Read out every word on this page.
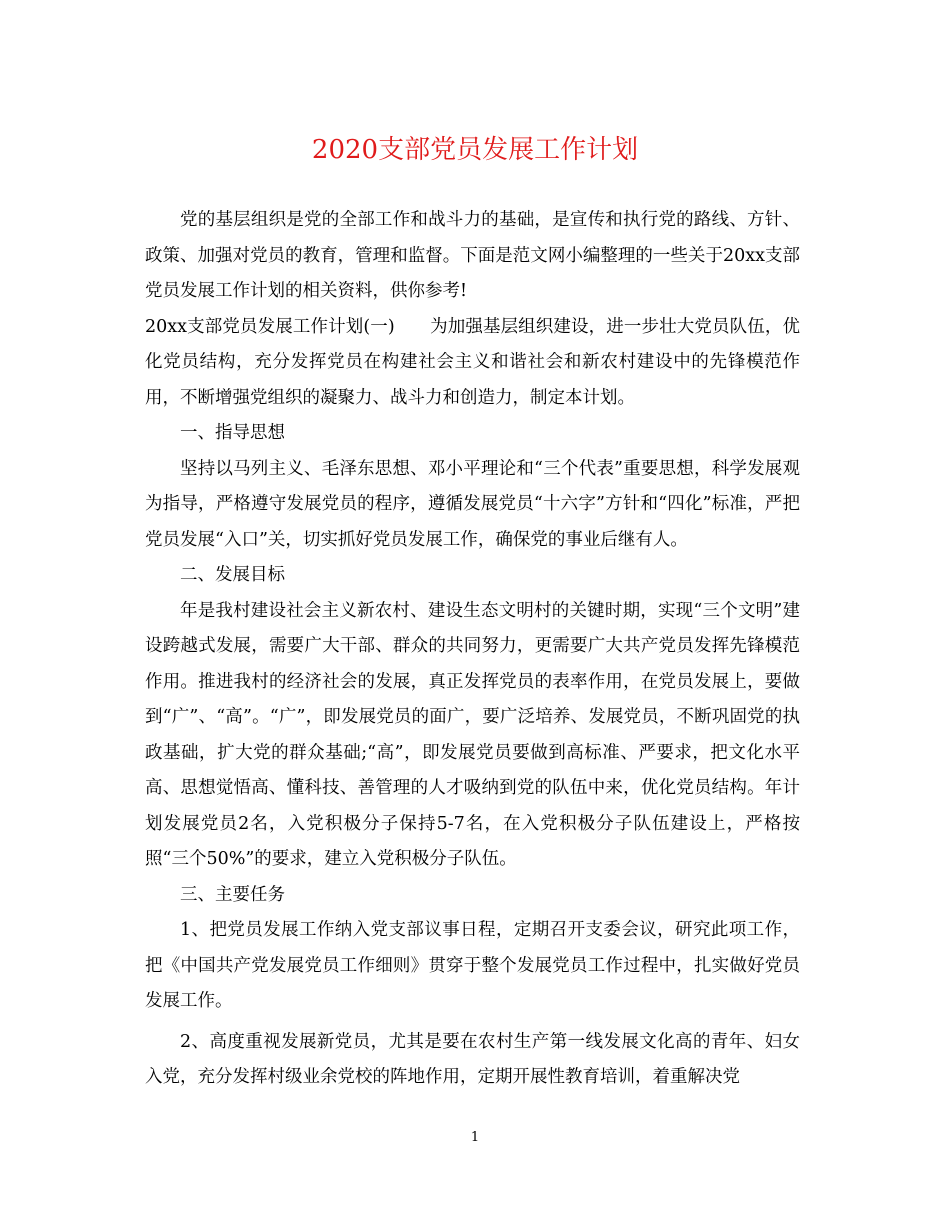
2020支部党员发展工作计划

党的基层组织是党的全部工作和战斗力的基础，是宣传和执行党的路线、方针、政策、加强对党员的教育，管理和监督。下面是范文网小编整理的一些关于20xx支部党员发展工作计划的相关资料，供你参考!

20xx支部党员发展工作计划(一)　　为加强基层组织建设，进一步壮大党员队伍，优化党员结构，充分发挥党员在构建社会主义和谐社会和新农村建设中的先锋模范作用，不断增强党组织的凝聚力、战斗力和创造力，制定本计划。

一、指导思想

坚持以马列主义、毛泽东思想、邓小平理论和“三个代表”重要思想，科学发展观为指导，严格遵守发展党员的程序，遵循发展党员“十六字”方针和“四化”标准，严把党员发展“入口”关，切实抓好党员发展工作，确保党的事业后继有人。

二、发展目标

年是我村建设社会主义新农村、建设生态文明村的关键时期，实现“三个文明”建设跨越式发展，需要广大干部、群众的共同努力，更需要广大共产党员发挥先锋模范作用。推进我村的经济社会的发展，真正发挥党员的表率作用，在党员发展上，要做到“广”、“高”。“广”，即发展党员的面广，要广泛培养、发展党员，不断巩固党的执政基础，扩大党的群众基础;“高”，即发展党员要做到高标准、严要求，把文化水平高、思想觉悟高、懂科技、善管理的人才吸纳到党的队伍中来，优化党员结构。年计划发展党员2名，入党积极分子保持5-7名，在入党积极分子队伍建设上，严格按照“三个50%”的要求，建立入党积极分子队伍。

三、主要任务

1、把党员发展工作纳入党支部议事日程，定期召开支委会议，研究此项工作，把《中国共产党发展党员工作细则》贯穿于整个发展党员工作过程中，扎实做好党员发展工作。

2、高度重视发展新党员，尤其是要在农村生产第一线发展文化高的青年、妇女入党，充分发挥村级业余党校的阵地作用，定期开展性教育培训，着重解决党

1
